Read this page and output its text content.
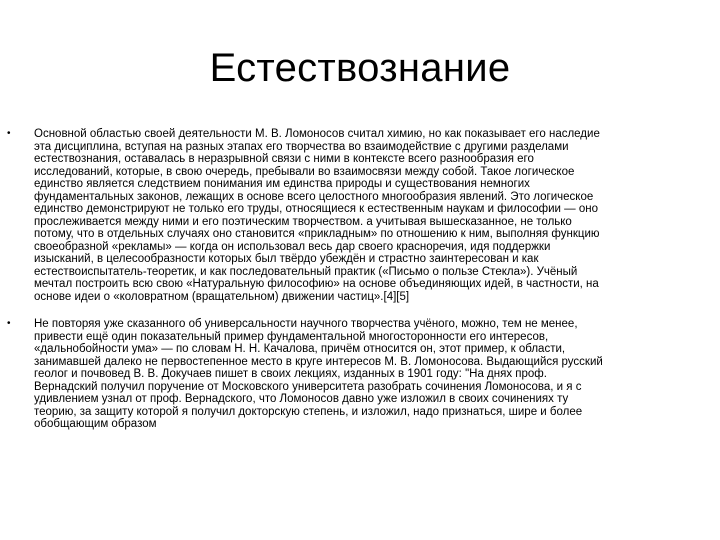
Естествознание
• Основной областью своей деятельности М. В. Ломоносов считал химию, но как показывает его наследие
эта дисциплина, вступая на разных этапах его творчества во взаимодействие с другими разделами
естествознания, оставалась в неразрывной связи с ними в контексте всего разнообразия его
исследований, которые, в свою очередь, пребывали во взаимосвязи между собой. Такое логическое
единство является следствием понимания им единства природы и существования немногих
фундаментальных законов, лежащих в основе всего целостного многообразия явлений. Это логическое
единство демонстрируют не только его труды, относящиеся к естественным наукам и философии — оно
прослеживается между ними и его поэтическим творчеством. а учитывая вышесказанное, не только
потому, что в отдельных случаях оно становится «прикладным» по отношению к ним, выполняя функцию
своеобразной «рекламы» — когда он использовал весь дар своего красноречия, идя поддержки
изысканий, в целесообразности которых был твёрдо убеждён и страстно заинтересован и как
естествоиспытатель-теоретик, и как последовательный практик («Письмо о пользе Стекла»). Учёный
мечтал построить всю свою «Натуральную философию» на основе объединяющих идей, в частности, на
основе идеи о «коловратном (вращательном) движении частиц».[4][5]
• Не повторяя уже сказанного об универсальности научного творчества учёного, можно, тем не менее,
привести ещё один показательный пример фундаментальной многосторонности его интересов,
«дальнобойности ума» — по словам Н. Н. Качалова, причём относится он, этот пример, к области,
занимавшей далеко не первостепенное место в круге интересов М. В. Ломоносова. Выдающийся русский
геолог и почвовед В. В. Докучаев пишет в своих лекциях, изданных в 1901 году: "На днях проф.
Вернадский получил поручение от Московского университета разобрать сочинения Ломоносова, и я с
удивлением узнал от проф. Вернадского, что Ломоносов давно уже изложил в своих сочинениях ту
теорию, за защиту которой я получил докторскую степень, и изложил, надо признаться, шире и более
обобщающим образом
